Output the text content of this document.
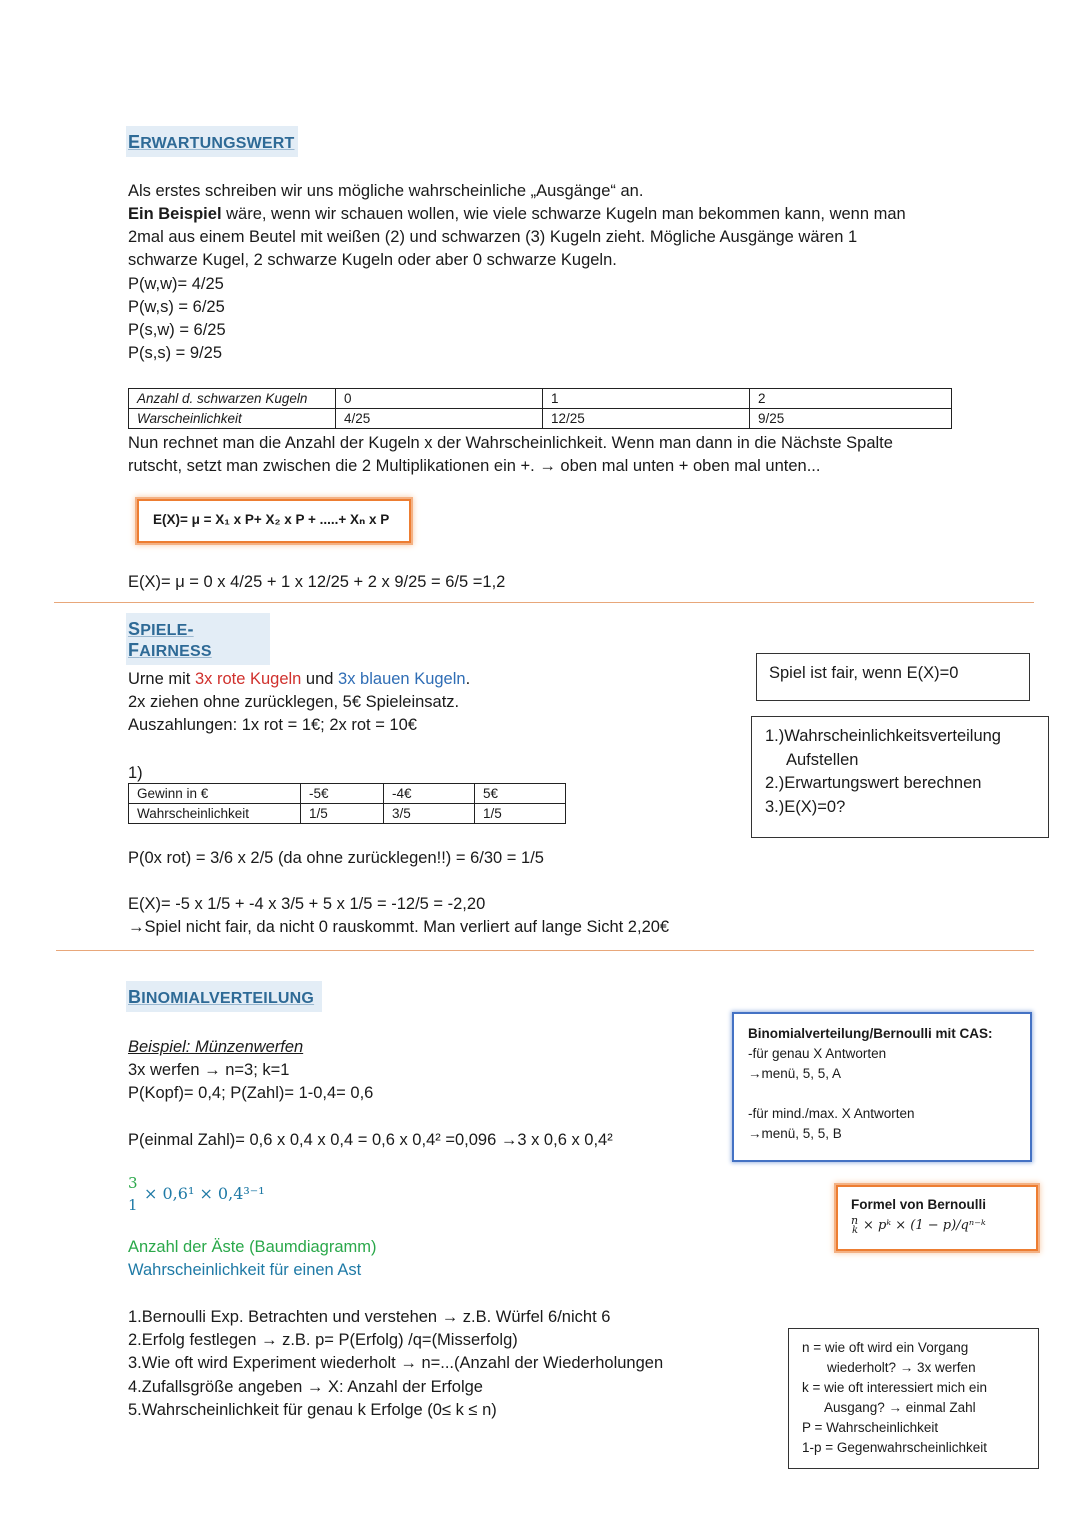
ERWARTUNGSWERT
Als erstes schreiben wir uns mögliche wahrscheinliche „Ausgänge“ an.
Ein Beispiel wäre, wenn wir schauen wollen, wie viele schwarze Kugeln man bekommen kann, wenn man
2mal aus einem Beutel mit weißen (2) und schwarzen (3) Kugeln zieht. Mögliche Ausgänge wären 1
schwarze Kugel, 2 schwarze Kugeln oder aber 0 schwarze Kugeln.
P(w,w)= 4/25
P(w,s) = 6/25
P(s,w) = 6/25
P(s,s) = 9/25
Anzahl d. schwarzen Kugeln	0	1	2
Warscheinlichkeit	4/25	12/25	9/25
Nun rechnet man die Anzahl der Kugeln x der Wahrscheinlichkeit. Wenn man dann in die Nächste Spalte
rutscht, setzt man zwischen die 2 Multiplikationen ein +. → oben mal unten + oben mal unten...
E(X)= μ = X₁ x P+ X₂ x P + .....+ Xₙ x P
E(X)= μ = 0 x 4/25 + 1 x 12/25 + 2 x 9/25 = 6/5 =1,2
SPIELE-FAIRNESS
Urne mit 3x rote Kugeln und 3x blauen Kugeln.
2x ziehen ohne zurücklegen, 5€ Spieleinsatz.
Auszahlungen: 1x rot = 1€; 2x rot = 10€
1)
Gewinn in €	-5€	-4€	5€
Wahrscheinlichkeit	1/5	3/5	1/5
P(0x rot) = 3/6 x 2/5 (da ohne zurücklegen!!) = 6/30 = 1/5
E(X)= -5 x 1/5 + -4 x 3/5 + 5 x 1/5 = -12/5 = -2,20
→Spiel nicht fair, da nicht 0 rauskommt. Man verliert auf lange Sicht 2,20€
Spiel ist fair, wenn E(X)=0
1.)Wahrscheinlichkeitsverteilung
Aufstellen
2.)Erwartungswert berechnen
3.)E(X)=0?
BINOMIALVERTEILUNG
Beispiel: Münzenwerfen
3x werfen → n=3; k=1
P(Kopf)= 0,4; P(Zahl)= 1-0,4= 0,6
P(einmal Zahl)= 0,6 x 0,4 x 0,4 = 0,6 x 0,4² =0,096 →3 x 0,6 x 0,4²
3
1
× 0,6¹ × 0,4³⁻¹
Anzahl der Äste (Baumdiagramm)
Wahrscheinlichkeit für einen Ast
1.Bernoulli Exp. Betrachten und verstehen → z.B. Würfel 6/nicht 6
2.Erfolg festlegen → z.B. p= P(Erfolg) /q=(Misserfolg)
3.Wie oft wird Experiment wiederholt → n=...(Anzahl der Wiederholungen
4.Zufallsgröße angeben → X: Anzahl der Erfolge
5.Wahrscheinlichkeit für genau k Erfolge (0≤ k ≤ n)
Binomialverteilung/Bernoulli mit CAS:
-für genau X Antworten
→menü, 5, 5, A
-für mind./max. X Antworten
→menü, 5, 5, B
Formel von Bernoulli
n
k × pᵏ × (1 − p)/qⁿ⁻ᵏ
n = wie oft wird ein Vorgang
wiederholt? → 3x werfen
k = wie oft interessiert mich ein
Ausgang? → einmal Zahl
P = Wahrscheinlichkeit
1-p = Gegenwahrscheinlichkeit
